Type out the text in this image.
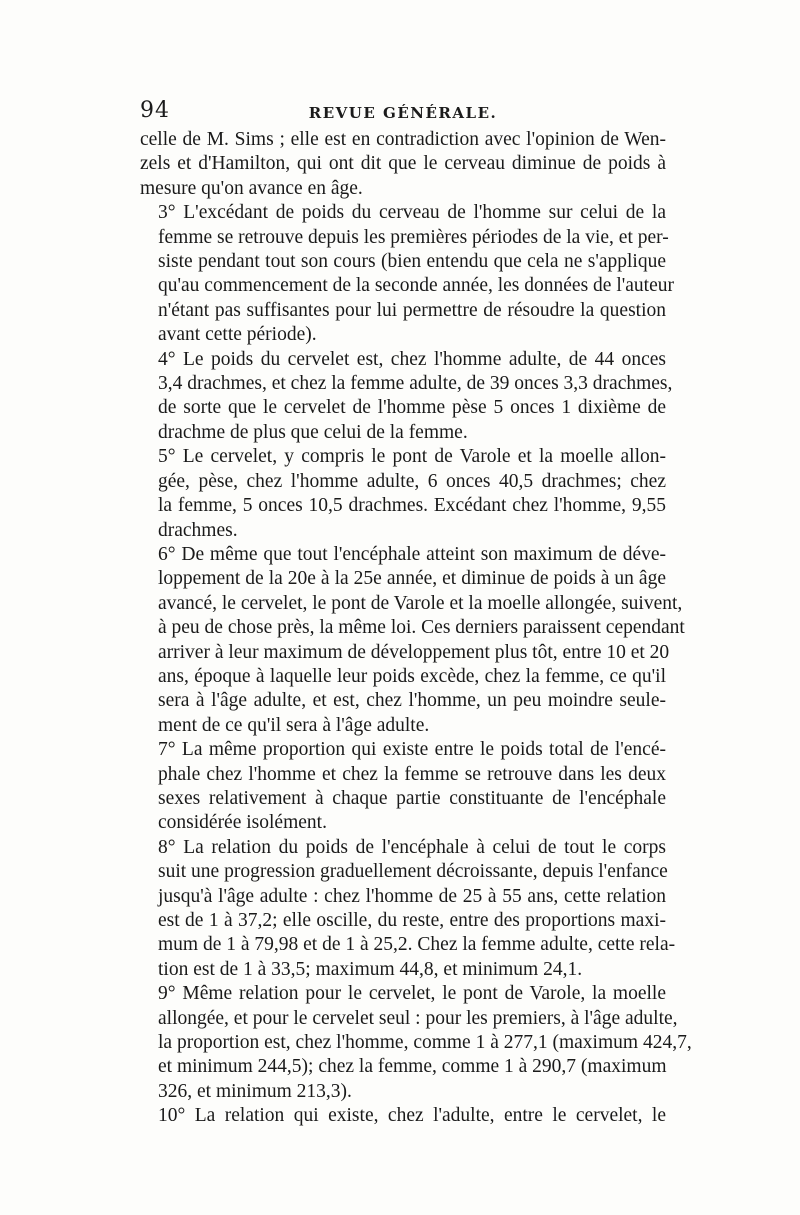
94	REVUE GÉNÉRALE.

celle de M. Sims ; elle est en contradiction avec l'opinion de Wen-
zels et d'Hamilton, qui ont dit que le cerveau diminue de poids à
mesure qu'on avance en âge.

3° L'excédant de poids du cerveau de l'homme sur celui de la
femme se retrouve depuis les premières périodes de la vie, et per-
siste pendant tout son cours (bien entendu que cela ne s'applique
qu'au commencement de la seconde année, les données de l'auteur
n'étant pas suffisantes pour lui permettre de résoudre la question
avant cette période).

4° Le poids du cervelet est, chez l'homme adulte, de 44 onces
3,4 drachmes, et chez la femme adulte, de 39 onces 3,3 drachmes,
de sorte que le cervelet de l'homme pèse 5 onces 1 dixième de
drachme de plus que celui de la femme.

5° Le cervelet, y compris le pont de Varole et la moelle allon-
gée, pèse, chez l'homme adulte, 6 onces 40,5 drachmes; chez
la femme, 5 onces 10,5 drachmes. Excédant chez l'homme, 9,55
drachmes.

6° De même que tout l'encéphale atteint son maximum de déve-
loppement de la 20e à la 25e année, et diminue de poids à un âge
avancé, le cervelet, le pont de Varole et la moelle allongée, suivent,
à peu de chose près, la même loi. Ces derniers paraissent cependant
arriver à leur maximum de développement plus tôt, entre 10 et 20
ans, époque à laquelle leur poids excède, chez la femme, ce qu'il
sera à l'âge adulte, et est, chez l'homme, un peu moindre seule-
ment de ce qu'il sera à l'âge adulte.

7° La même proportion qui existe entre le poids total de l'encé-
phale chez l'homme et chez la femme se retrouve dans les deux
sexes relativement à chaque partie constituante de l'encéphale
considérée isolément.

8° La relation du poids de l'encéphale à celui de tout le corps
suit une progression graduellement décroissante, depuis l'enfance
jusqu'à l'âge adulte : chez l'homme de 25 à 55 ans, cette relation
est de 1 à 37,2; elle oscille, du reste, entre des proportions maxi-
mum de 1 à 79,98 et de 1 à 25,2. Chez la femme adulte, cette rela-
tion est de 1 à 33,5; maximum 44,8, et minimum 24,1.

9° Même relation pour le cervelet, le pont de Varole, la moelle
allongée, et pour le cervelet seul : pour les premiers, à l'âge adulte,
la proportion est, chez l'homme, comme 1 à 277,1 (maximum 424,7,
et minimum 244,5); chez la femme, comme 1 à 290,7 (maximum
326, et minimum 213,3).

10° La relation qui existe, chez l'adulte, entre le cervelet, le
